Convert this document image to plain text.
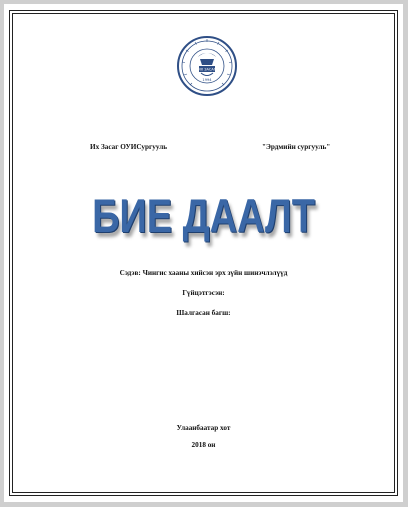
ИХ ЗАСАГ
1994
Их Засаг ОУИСургууль	"Эрдмийн сургууль"
БИЕ ДААЛТ
Сэдэв: Чингис хааны хийсэн эрх зүйн шинэчлэлүүд
Гүйцэтгэсэн:
Шалгасан багш:
Улаанбаатар хот
2018 он
